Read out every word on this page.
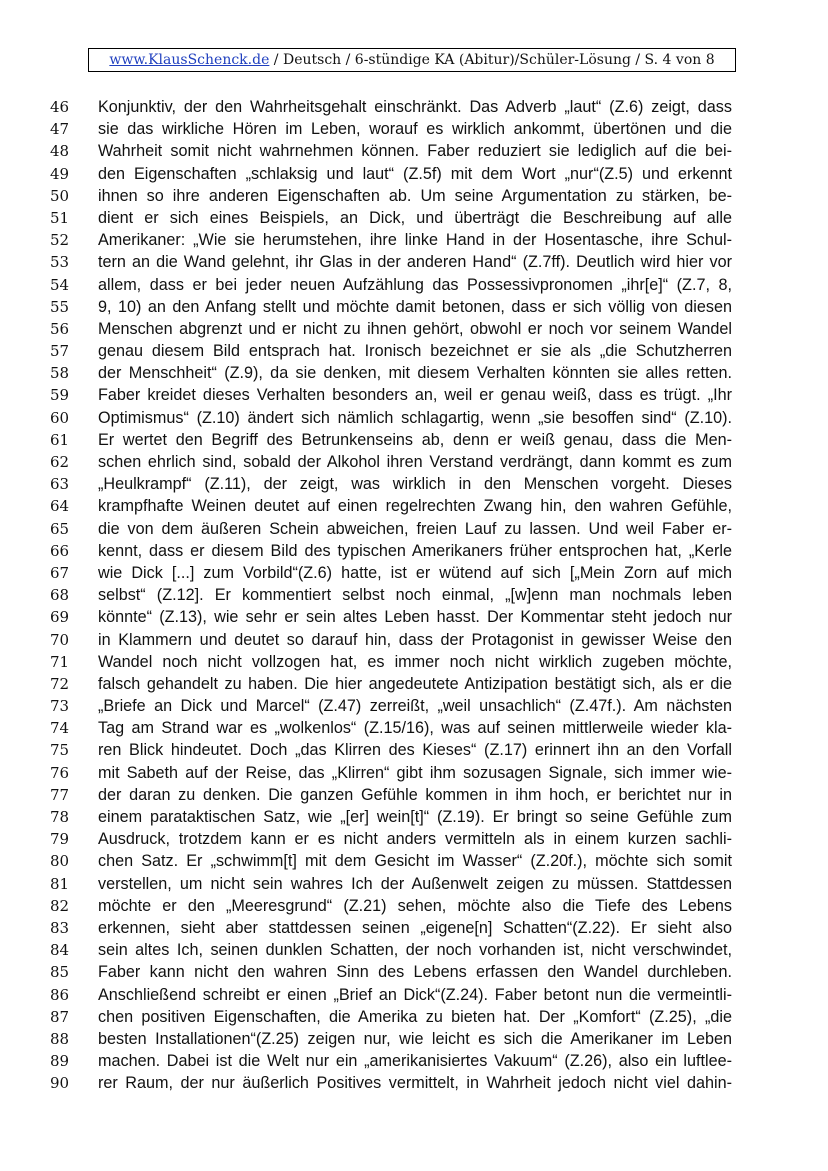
www.KlausSchenck.de / Deutsch / 6-stündige KA (Abitur)/Schüler-Lösung / S. 4 von 8
46	Konjunktiv, der den Wahrheitsgehalt einschränkt. Das Adverb „laut“ (Z.6) zeigt, dass
47	sie das wirkliche Hören im Leben, worauf es wirklich ankommt, übertönen und die
48	Wahrheit somit nicht wahrnehmen können. Faber reduziert sie lediglich auf die bei-
49	den Eigenschaften „schlaksig und laut“ (Z.5f) mit dem Wort „nur“(Z.5) und erkennt
50	ihnen so ihre anderen Eigenschaften ab. Um seine Argumentation zu stärken, be-
51	dient er sich eines Beispiels, an Dick, und überträgt die Beschreibung auf alle
52	Amerikaner: „Wie sie herumstehen, ihre linke Hand in der Hosentasche, ihre Schul-
53	tern an die Wand gelehnt, ihr Glas in der anderen Hand“ (Z.7ff). Deutlich wird hier vor
54	allem, dass er bei jeder neuen Aufzählung das Possessivpronomen „ihr[e]“ (Z.7, 8,
55	9, 10) an den Anfang stellt und möchte damit betonen, dass er sich völlig von diesen
56	Menschen abgrenzt und er nicht zu ihnen gehört, obwohl er noch vor seinem Wandel
57	genau diesem Bild entsprach hat. Ironisch bezeichnet er sie als „die Schutzherren
58	der Menschheit“ (Z.9), da sie denken, mit diesem Verhalten könnten sie alles retten.
59	Faber kreidet dieses Verhalten besonders an, weil er genau weiß, dass es trügt. „Ihr
60	Optimismus“ (Z.10) ändert sich nämlich schlagartig, wenn „sie besoffen sind“ (Z.10).
61	Er wertet den Begriff des Betrunkenseins ab, denn er weiß genau, dass die Men-
62	schen ehrlich sind, sobald der Alkohol ihren Verstand verdrängt, dann kommt es zum
63	„Heulkrampf“ (Z.11), der zeigt, was wirklich in den Menschen vorgeht. Dieses
64	krampfhafte Weinen deutet auf einen regelrechten Zwang hin, den wahren Gefühle,
65	die von dem äußeren Schein abweichen, freien Lauf zu lassen. Und weil Faber er-
66	kennt, dass er diesem Bild des typischen Amerikaners früher entsprochen hat, „Kerle
67	wie Dick [...] zum Vorbild“(Z.6) hatte, ist er wütend auf sich [„Mein Zorn auf mich
68	selbst“ (Z.12]. Er kommentiert selbst noch einmal, „[w]enn man nochmals leben
69	könnte“ (Z.13), wie sehr er sein altes Leben hasst. Der Kommentar steht jedoch nur
70	in Klammern und deutet so darauf hin, dass der Protagonist in gewisser Weise den
71	Wandel noch nicht vollzogen hat, es immer noch nicht wirklich zugeben möchte,
72	falsch gehandelt zu haben. Die hier angedeutete Antizipation bestätigt sich, als er die
73	„Briefe an Dick und Marcel“ (Z.47) zerreißt, „weil unsachlich“ (Z.47f.). Am nächsten
74	Tag am Strand war es „wolkenlos“ (Z.15/16), was auf seinen mittlerweile wieder kla-
75	ren Blick hindeutet. Doch „das Klirren des Kieses“ (Z.17) erinnert ihn an den Vorfall
76	mit Sabeth auf der Reise, das „Klirren“ gibt ihm sozusagen Signale, sich immer wie-
77	der daran zu denken. Die ganzen Gefühle kommen in ihm hoch, er berichtet nur in
78	einem parataktischen Satz, wie „[er] wein[t]“ (Z.19). Er bringt so seine Gefühle zum
79	Ausdruck, trotzdem kann er es nicht anders vermitteln als in einem kurzen sachli-
80	chen Satz. Er „schwimm[t] mit dem Gesicht im Wasser“ (Z.20f.), möchte sich somit
81	verstellen, um nicht sein wahres Ich der Außenwelt zeigen zu müssen. Stattdessen
82	möchte er den „Meeresgrund“ (Z.21) sehen, möchte also die Tiefe des Lebens
83	erkennen, sieht aber stattdessen seinen „eigene[n] Schatten“(Z.22). Er sieht also
84	sein altes Ich, seinen dunklen Schatten, der noch vorhanden ist, nicht verschwindet,
85	Faber kann nicht den wahren Sinn des Lebens erfassen den Wandel durchleben.
86	Anschließend schreibt er einen „Brief an Dick“(Z.24). Faber betont nun die vermeintli-
87	chen positiven Eigenschaften, die Amerika zu bieten hat. Der „Komfort“ (Z.25), „die
88	besten Installationen“(Z.25) zeigen nur, wie leicht es sich die Amerikaner im Leben
89	machen. Dabei ist die Welt nur ein „amerikanisiertes Vakuum“ (Z.26), also ein luftlee-
90	rer Raum, der nur äußerlich Positives vermittelt, in Wahrheit jedoch nicht viel dahin-
